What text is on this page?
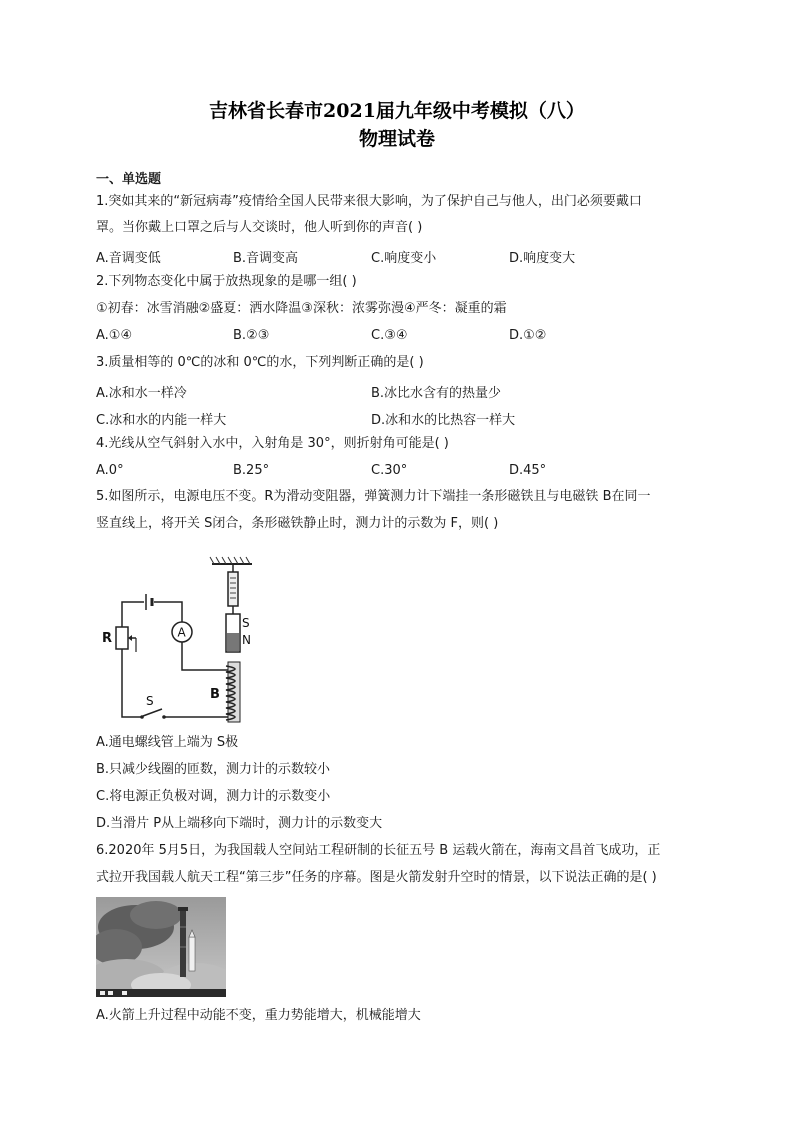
吉林省长春市2021届九年级中考模拟（八）
物理试卷
一、单选题
1.突如其来的“新冠病毒”疫情给全国人民带来很大影响，为了保护自己与他人，出门必须要戴口
罩。当你戴上口罩之后与人交谈时，他人听到你的声音( )
A.音调变低	B.音调变高	C.响度变小	D.响度变大
2.下列物态变化中属于放热现象的是哪一组( )
①初春：冰雪消融②盛夏：洒水降温③深秋：浓雾弥漫④严冬：凝重的霜
A.①④	B.②③	C.③④	D.①②
3.质量相等的 0℃的冰和 0℃的水，下列判断正确的是( )
A.冰和水一样冷	B.冰比水含有的热量少
C.冰和水的内能一样大	D.冰和水的比热容一样大
4.光线从空气斜射入水中，入射角是 30°，则折射角可能是( )
A.0°	B.25°	C.30°	D.45°
5.如图所示，电源电压不变。R为滑动变阻器，弹簧测力计下端挂一条形磁铁且与电磁铁 B在同一
竖直线上，将开关 S闭合，条形磁铁静止时，测力计的示数为 F，则( )
S
N
A
R
B
S
A.通电螺线管上端为 S极
B.只减少线圈的匝数，测力计的示数较小
C.将电源正负极对调，测力计的示数变小
D.当滑片 P从上端移向下端时，测力计的示数变大
6.2020年 5月5日，为我国载人空间站工程研制的长征五号 B 运载火箭在，海南文昌首飞成功，正
式拉开我国载人航天工程“第三步”任务的序幕。图是火箭发射升空时的情景，以下说法正确的是( )
A.火箭上升过程中动能不变，重力势能增大，机械能增大
